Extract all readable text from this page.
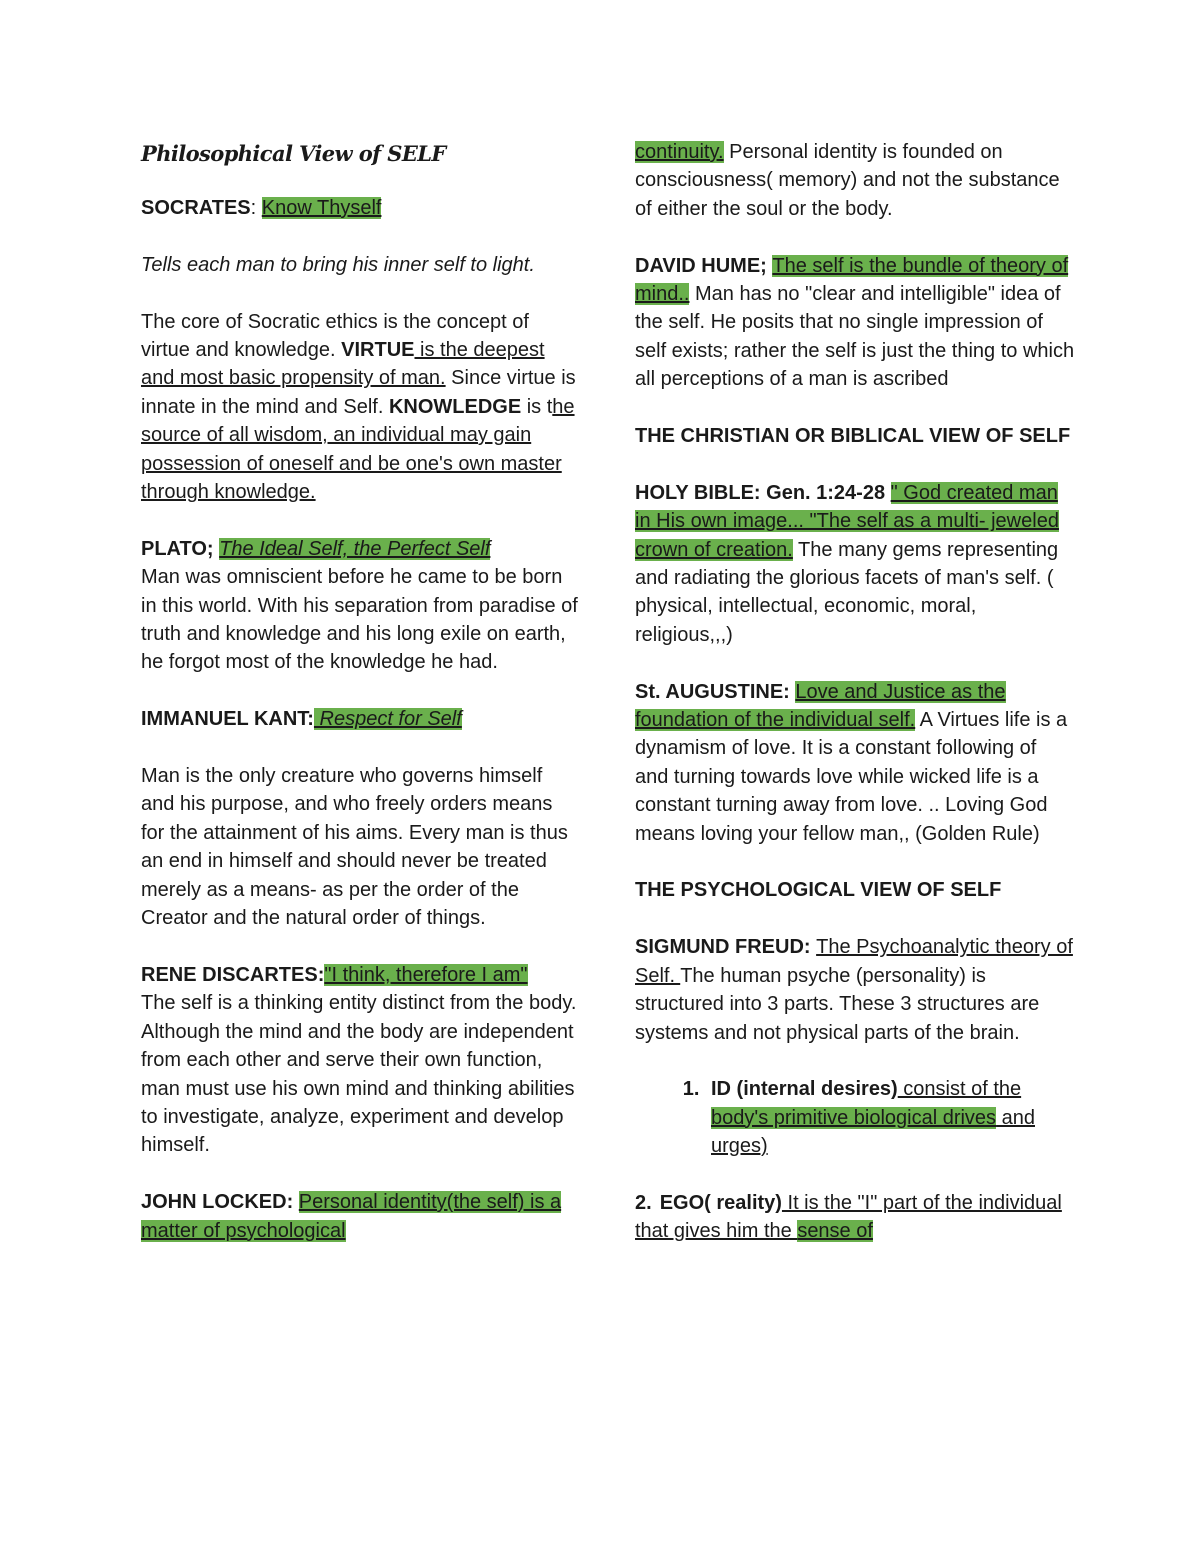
Philosophical View of SELF
SOCRATES: Know Thyself
Tells each man to bring his inner self to light.
The core of Socratic ethics is the concept of virtue and knowledge. VIRTUE is the deepest and most basic propensity of man. Since virtue is innate in the mind and Self. KNOWLEDGE is the source of all wisdom, an individual may gain possession of oneself and be one's own master through knowledge.
PLATO; The Ideal Self, the Perfect Self
Man was omniscient before he came to be born in this world. With his separation from paradise of truth and knowledge and his long exile on earth, he forgot most of the knowledge he had.
IMMANUEL KANT: Respect for Self
Man is the only creature who governs himself and his purpose, and who freely orders means for the attainment of his aims. Every man is thus an end in himself and should never be treated merely as a means- as per the order of the Creator and the natural order of things.
RENE DISCARTES:"I think, therefore I am"
The self is a thinking entity distinct from the body. Although the mind and the body are independent from each other and serve their own function, man must use his own mind and thinking abilities to investigate, analyze, experiment and develop himself.
JOHN LOCKED: Personal identity(the self) is a matter of psychological
continuity. Personal identity is founded on consciousness( memory) and not the substance of either the soul or the body.
DAVID HUME; The self is the bundle of theory of mind.. Man has no "clear and intelligible" idea of the self. He posits that no single impression of self exists; rather the self is just the thing to which all perceptions of a man is ascribed
THE CHRISTIAN OR BIBLICAL VIEW OF SELF
HOLY BIBLE: Gen. 1:24-28 " God created man in His own image... "The self as a multi- jeweled crown of creation. The many gems representing and radiating the glorious facets of man's self. ( physical, intellectual, economic, moral, religious,,,)
St. AUGUSTINE: Love and Justice as the foundation of the individual self. A Virtues life is a dynamism of love. It is a constant following of and turning towards love while wicked life is a constant turning away from love. .. Loving God means loving your fellow man,, (Golden Rule)
THE PSYCHOLOGICAL VIEW OF SELF
SIGMUND FREUD: The Psychoanalytic theory of Self. The human psyche (personality) is structured into 3 parts. These 3 structures are systems and not physical parts of the brain.
1. ID (internal desires) consist of the body's primitive biological drives and urges)
2. EGO( reality) It is the "I" part of the individual that gives him the sense of
